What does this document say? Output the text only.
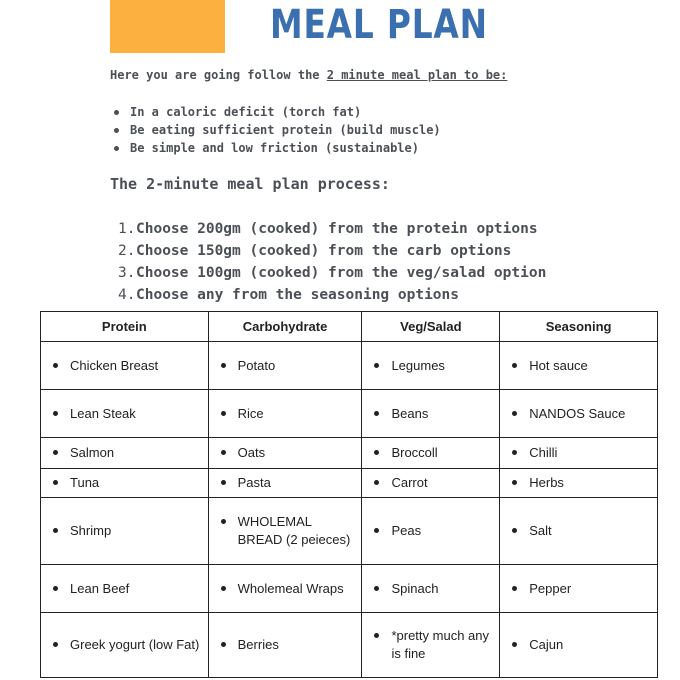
MEAL PLAN
Here you are going follow the 2 minute meal plan to be:
In a caloric deficit (torch fat)
Be eating sufficient protein (build muscle)
Be simple and low friction (sustainable)
The 2-minute meal plan process:
1.Choose 200gm (cooked) from the protein options
2.Choose 150gm (cooked) from the carb options
3.Choose 100gm (cooked) from the veg/salad option
4.Choose any from the seasoning options
Protein	Carbohydrate	Veg/Salad	Seasoning

Chicken Breast	Potato	Legumes	Hot sauce

Lean Steak	Rice	Beans	NANDOS Sauce

Salmon	Oats	Broccoll	Chilli

Tuna	Pasta	Carrot	Herbs

Shrimp	WHOLEMAL BREAD (2 peieces)	Peas	Salt

Lean Beef	Wholemeal Wraps	Spinach	Pepper

Greek yogurt (low Fat)	Berries	*pretty much any is fine	Cajun
